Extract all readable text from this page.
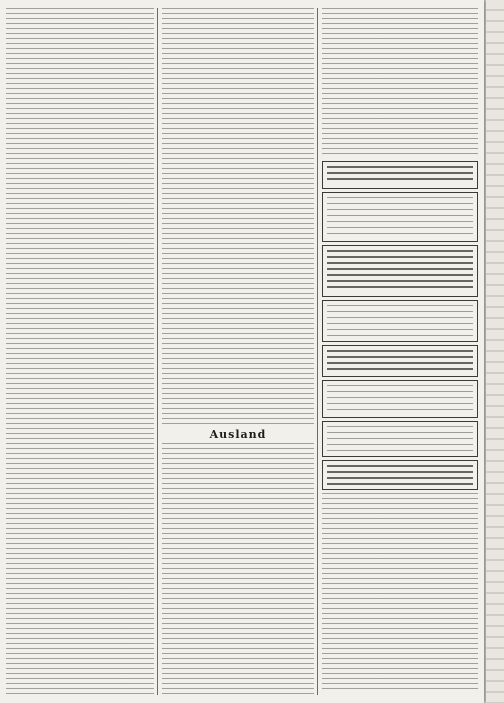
Ausland
